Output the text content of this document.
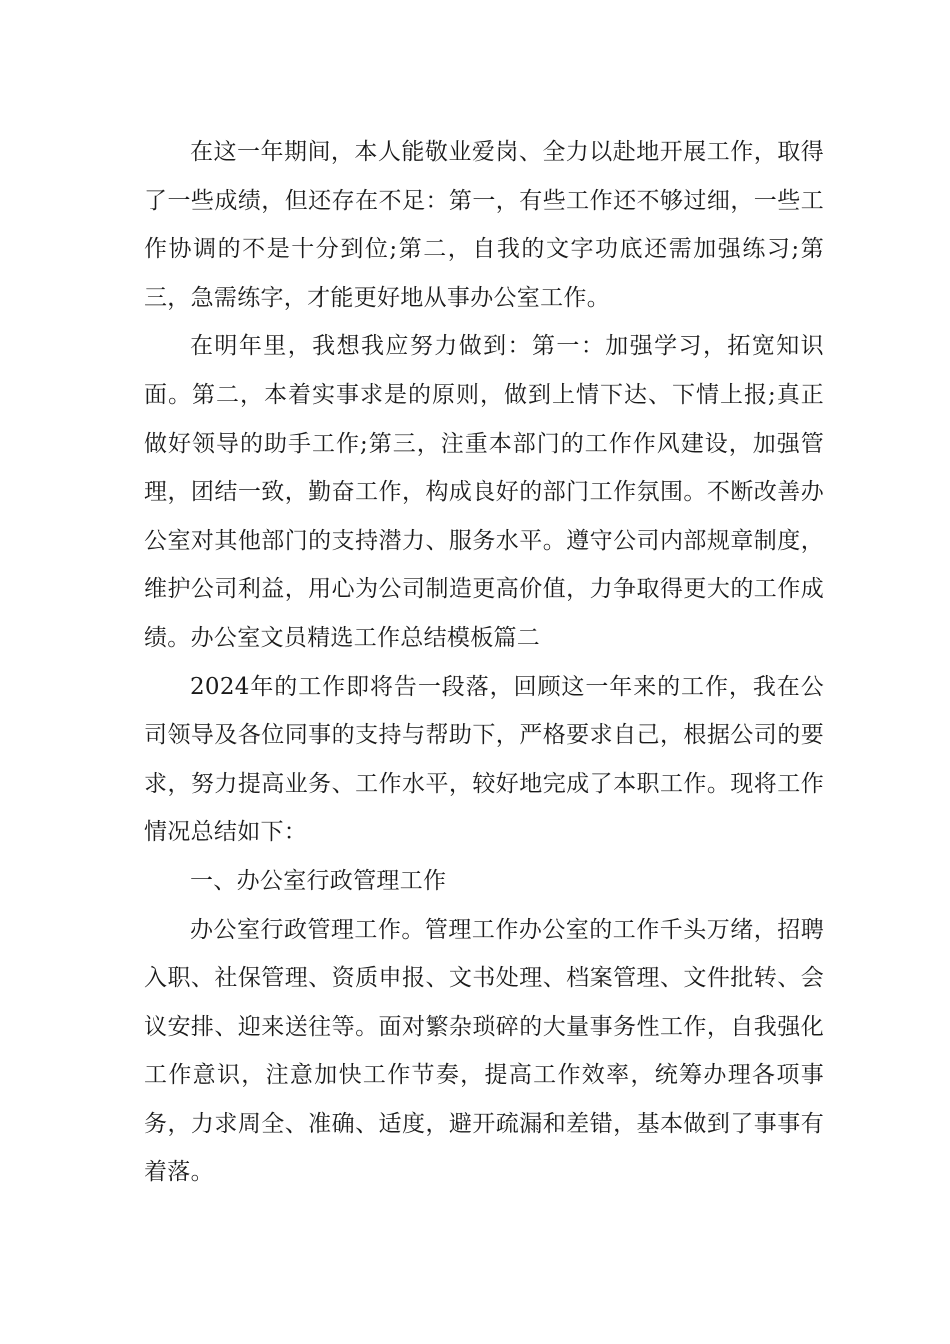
在这一年期间，本人能敬业爱岗、全力以赴地开展工作，取得了一些成绩，但还存在不足：第一，有些工作还不够过细，一些工作协调的不是十分到位;第二，自我的文字功底还需加强练习;第三，急需练字，才能更好地从事办公室工作。

在明年里，我想我应努力做到：第一：加强学习，拓宽知识面。第二，本着实事求是的原则，做到上情下达、下情上报;真正做好领导的助手工作;第三，注重本部门的工作作风建设，加强管理，团结一致，勤奋工作，构成良好的部门工作氛围。不断改善办公室对其他部门的支持潜力、服务水平。遵守公司内部规章制度，维护公司利益，用心为公司制造更高价值，力争取得更大的工作成绩。办公室文员精选工作总结模板篇二

2024年的工作即将告一段落，回顾这一年来的工作，我在公司领导及各位同事的支持与帮助下，严格要求自己，根据公司的要求，努力提高业务、工作水平，较好地完成了本职工作。现将工作情况总结如下：

一、办公室行政管理工作

办公室行政管理工作。管理工作办公室的工作千头万绪，招聘入职、社保管理、资质申报、文书处理、档案管理、文件批转、会议安排、迎来送往等。面对繁杂琐碎的大量事务性工作，自我强化工作意识，注意加快工作节奏，提高工作效率，统筹办理各项事务，力求周全、准确、适度，避开疏漏和差错，基本做到了事事有着落。
